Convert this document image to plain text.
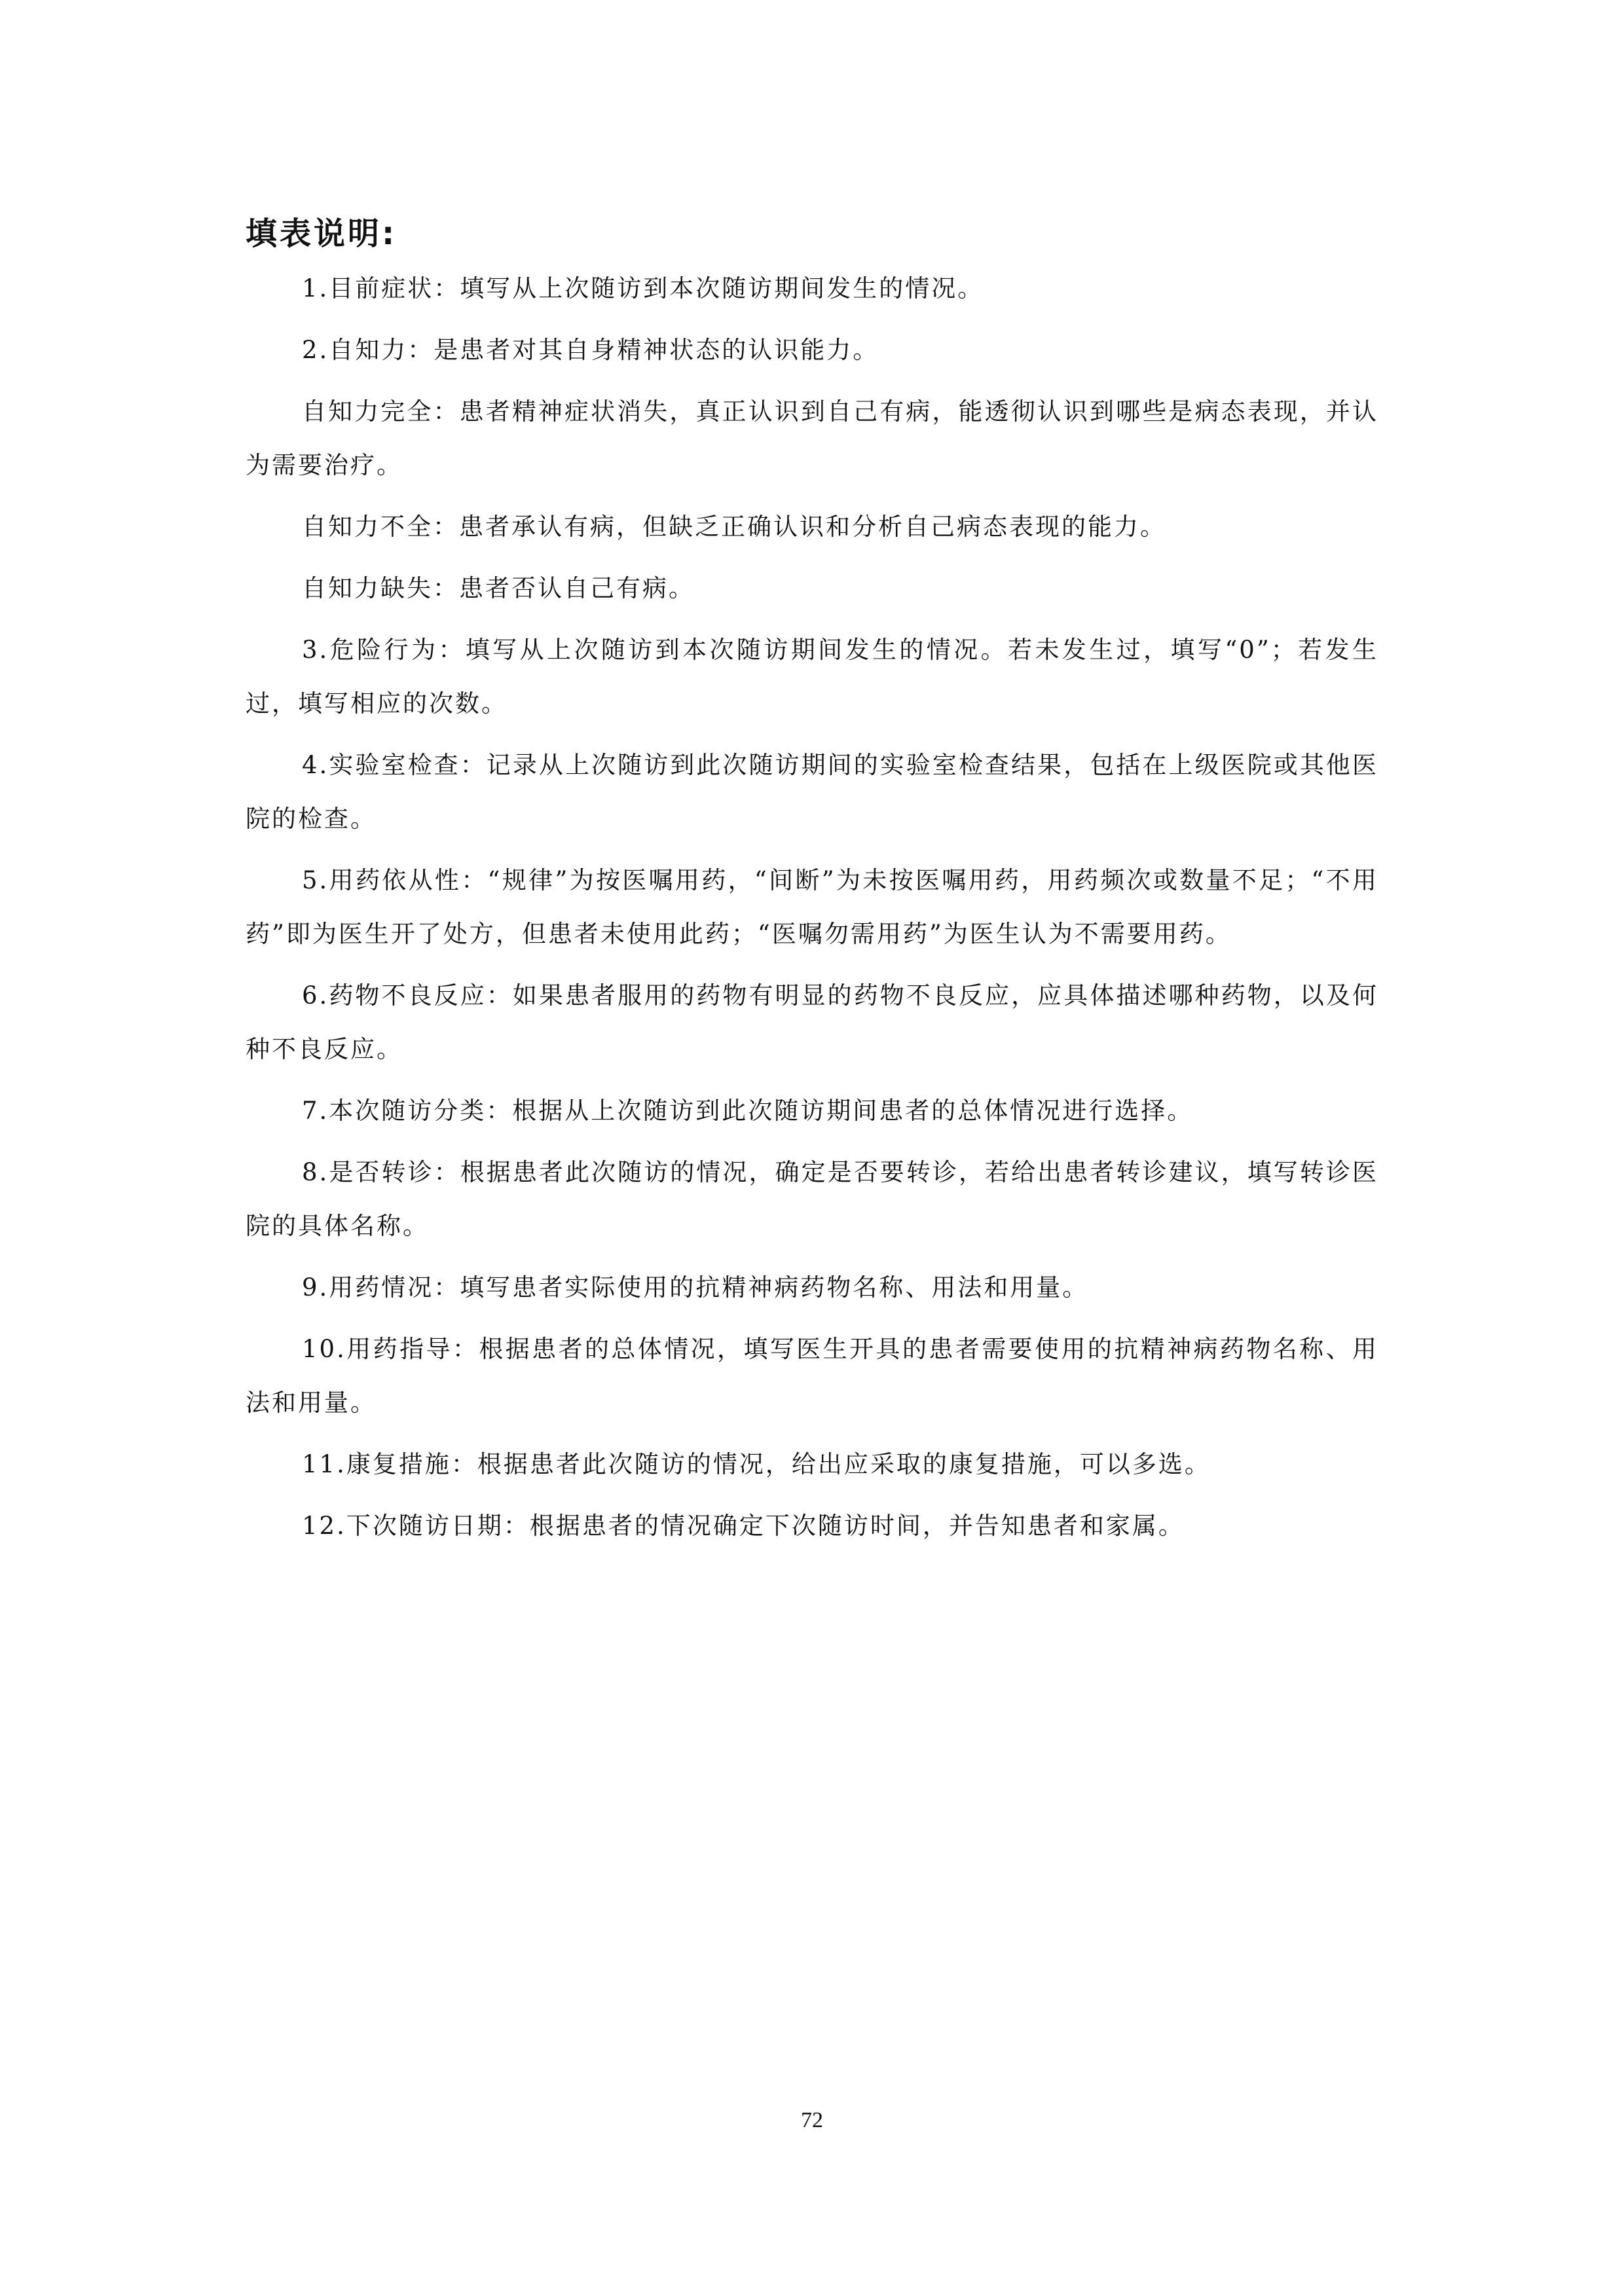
填表说明:

1.目前症状：填写从上次随访到本次随访期间发生的情况。

2.自知力：是患者对其自身精神状态的认识能力。

自知力完全：患者精神症状消失，真正认识到自己有病，能透彻认识到哪些是病态表现，并认为需要治疗。

自知力不全：患者承认有病，但缺乏正确认识和分析自己病态表现的能力。

自知力缺失：患者否认自己有病。

3.危险行为：填写从上次随访到本次随访期间发生的情况。若未发生过，填写“0”；若发生过，填写相应的次数。

4.实验室检查：记录从上次随访到此次随访期间的实验室检查结果，包括在上级医院或其他医院的检查。

5.用药依从性：“规律”为按医嘱用药，“间断”为未按医嘱用药，用药频次或数量不足；“不用药”即为医生开了处方，但患者未使用此药；“医嘱勿需用药”为医生认为不需要用药。

6.药物不良反应：如果患者服用的药物有明显的药物不良反应，应具体描述哪种药物，以及何种不良反应。

7.本次随访分类：根据从上次随访到此次随访期间患者的总体情况进行选择。

8.是否转诊：根据患者此次随访的情况，确定是否要转诊，若给出患者转诊建议，填写转诊医院的具体名称。

9.用药情况：填写患者实际使用的抗精神病药物名称、用法和用量。

10.用药指导：根据患者的总体情况，填写医生开具的患者需要使用的抗精神病药物名称、用法和用量。

11.康复措施：根据患者此次随访的情况，给出应采取的康复措施，可以多选。

12.下次随访日期：根据患者的情况确定下次随访时间，并告知患者和家属。

72
